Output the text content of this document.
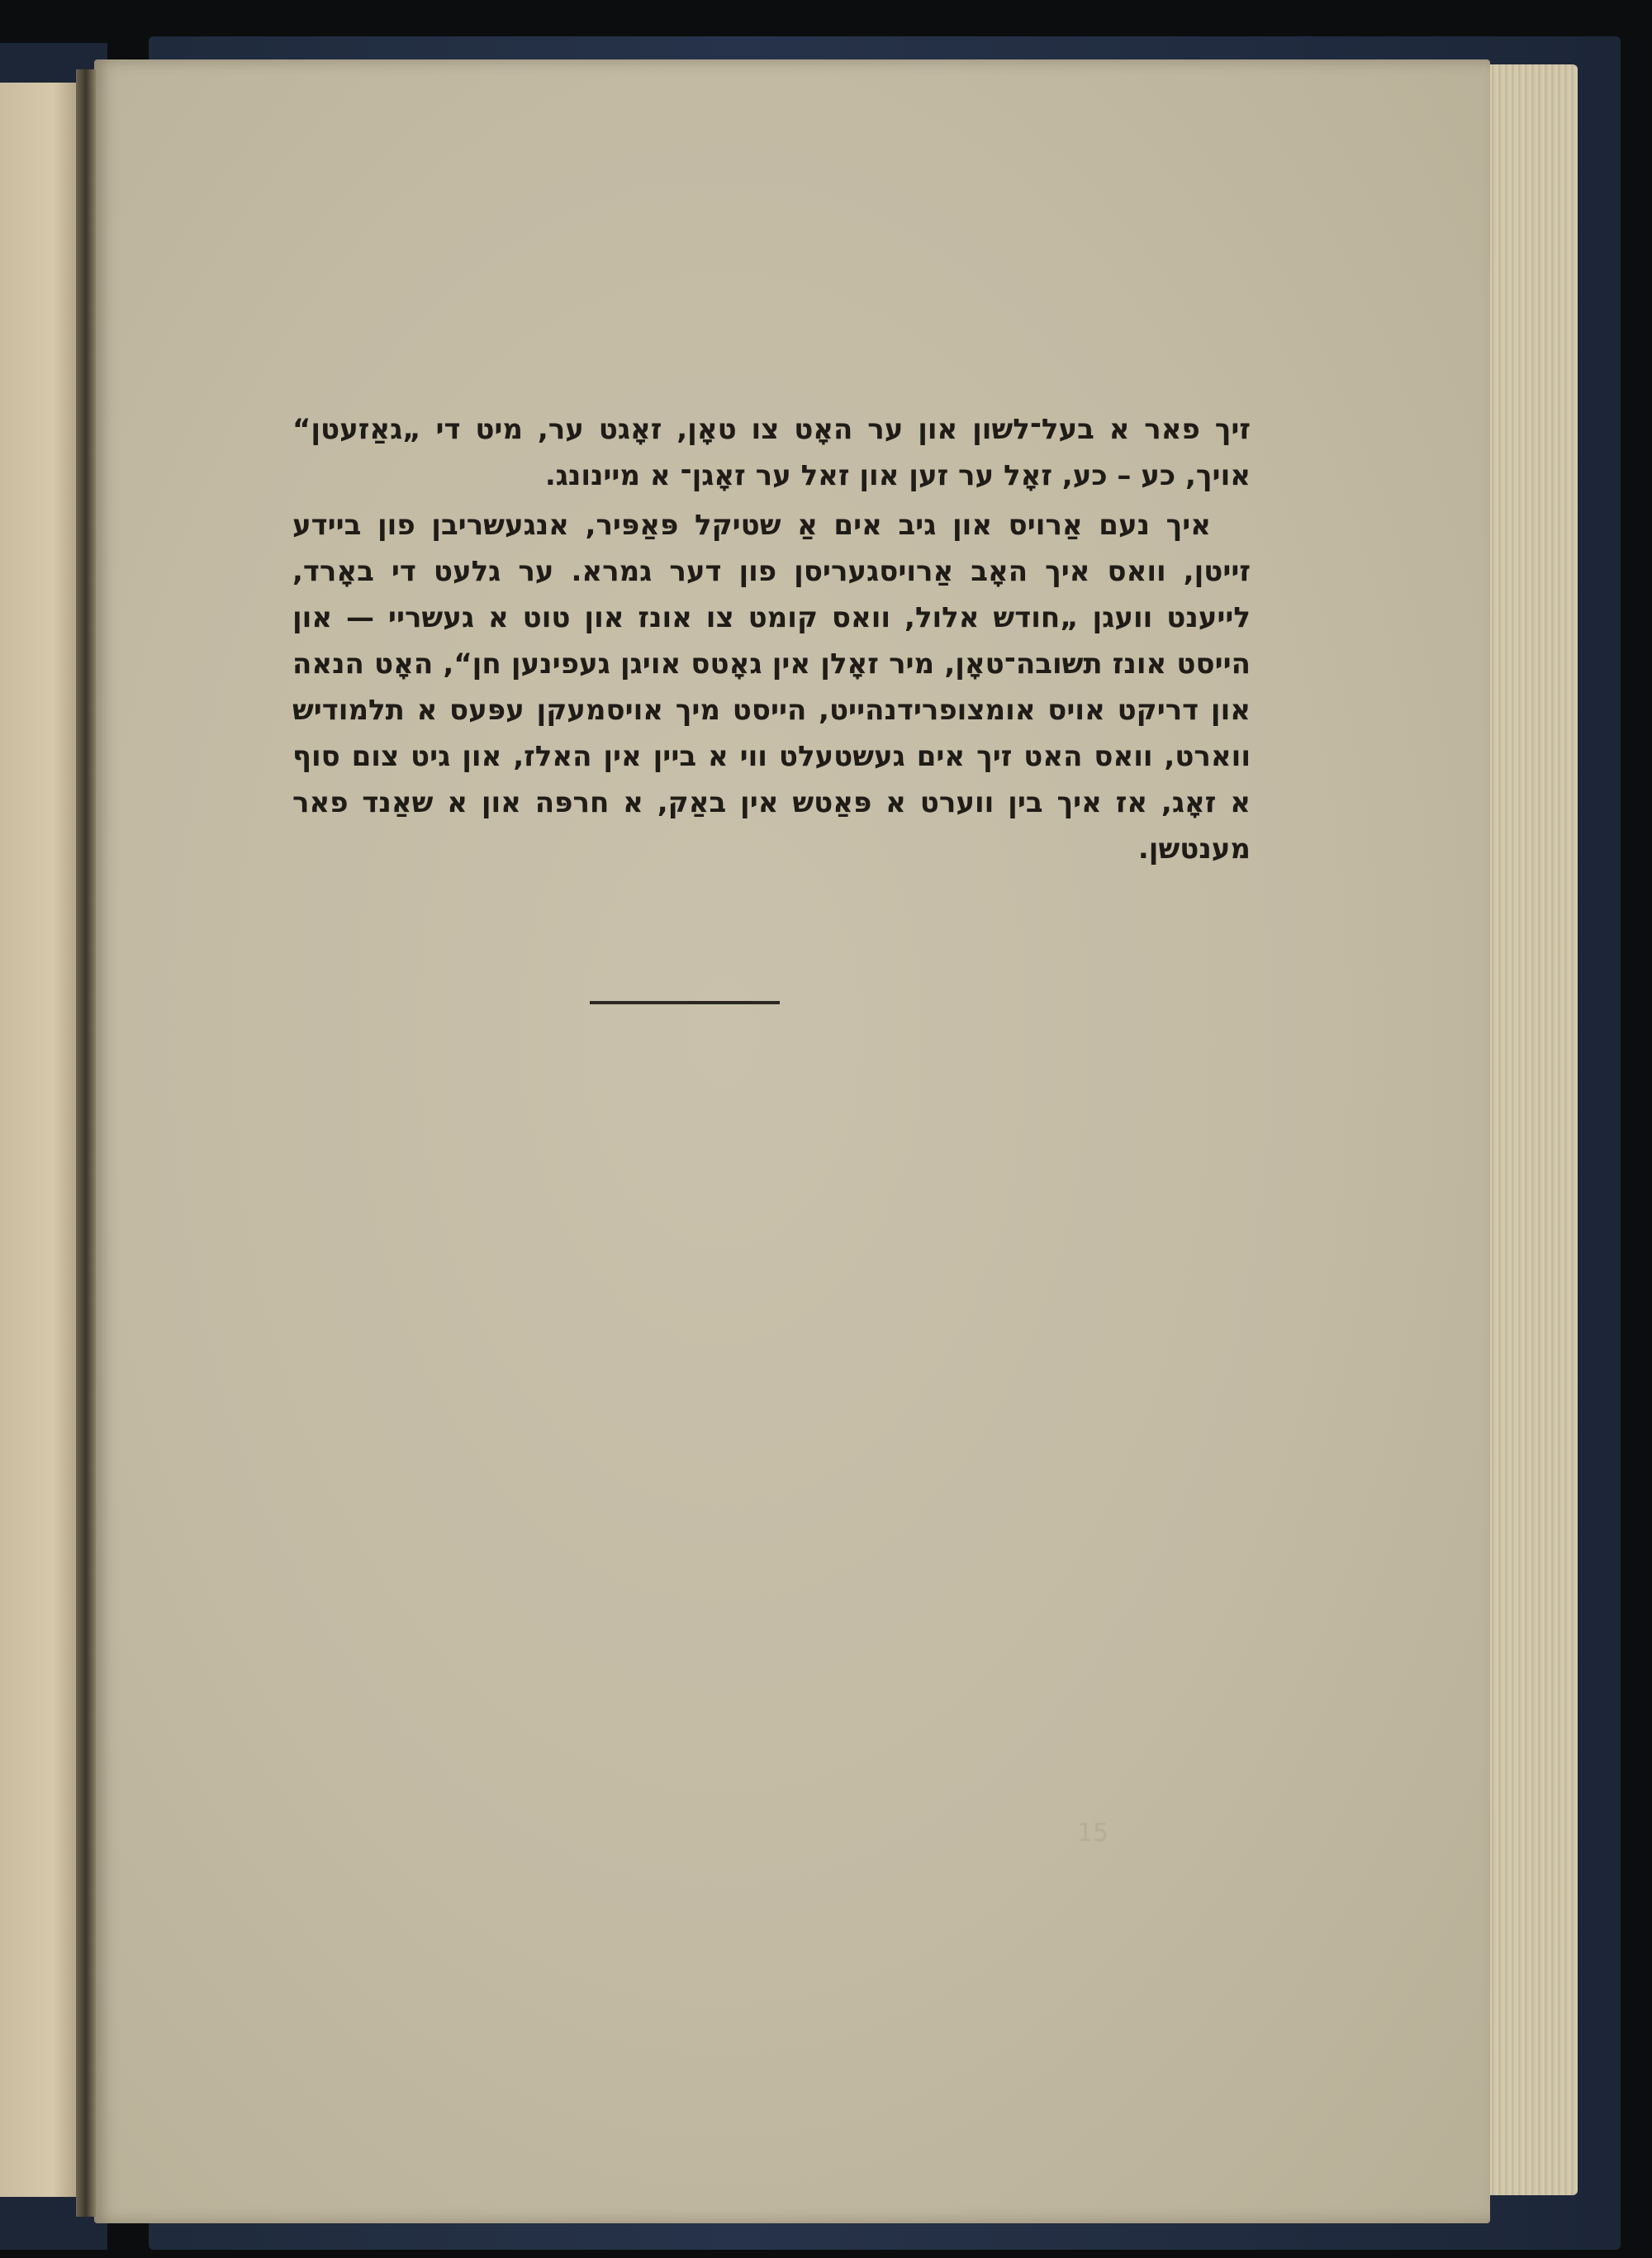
זיך פאר א בעל־לשון און ער האָט צו טאָן, זאָגט ער, מיט די „גאַזעטן“ אויך, כע – כע, זאָל ער זען און זאל ער זאָגן־ א מיינונג.

איך נעם אַרויס און גיב אים אַ שטיקל פּאַפּיר, אנגעשריבן פון ביידע זייטן, וואס איך האָב אַרויסגעריסן פון דער גמרא. ער גלעט די באָרד, לייענט וועגן „חודש אלול, וואס קומט צו אונז און טוט א געשריי — און הייסט אונז תשובה־טאָן, מיר זאָלן אין גאָטס אויגן געפינען חן“, האָט הנאה און דריקט אויס אומצופרידנהייט, הייסט מיך אויסמעקן עפּעס א תלמודיש ווארט, וואס האט זיך אים געשטעלט ווי א ביין אין האלז, און גיט צום סוף א זאָג, אז איך בין ווערט א פּאַטש אין באַק, א חרפּה און א שאַנד פאר מענטשן.

15
